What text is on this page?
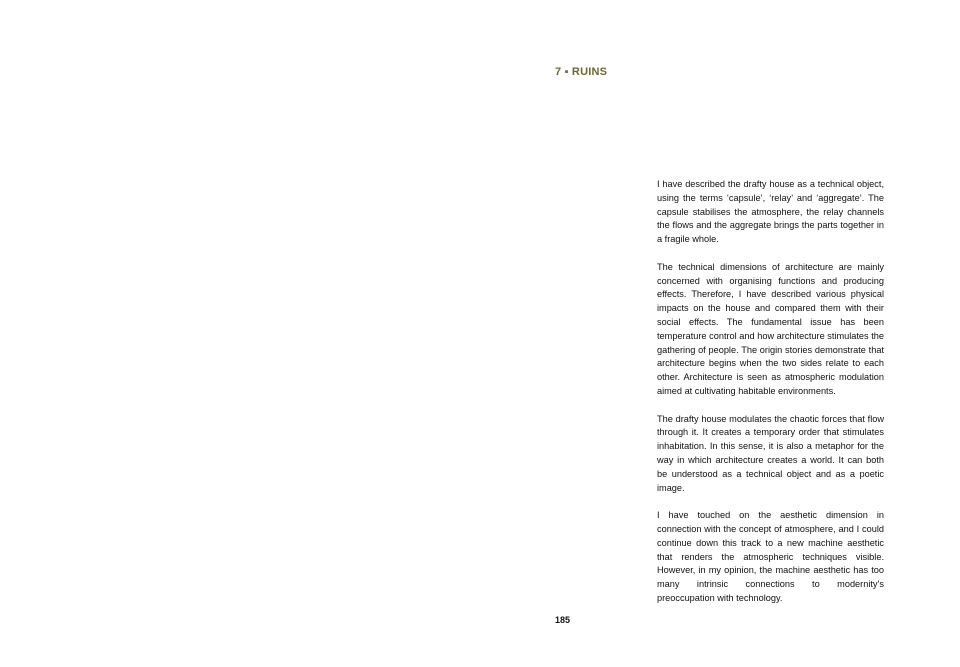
7 ▪ RUINS

I have described the drafty house as a technical object, using the terms ‘capsule’, ‘relay’ and ‘aggregate’. The capsule stabilises the atmosphere, the relay channels the flows and the aggregate brings the parts together in a fragile whole.

The technical dimensions of architecture are mainly concerned with organising functions and producing effects. Therefore, I have described various physical impacts on the house and compared them with their social effects. The fundamental issue has been temperature control and how architecture stimulates the gathering of people. The origin stories demonstrate that architecture begins when the two sides relate to each other. Architecture is seen as atmospheric modulation aimed at cultivating habitable environments.

The drafty house modulates the chaotic forces that flow through it. It creates a temporary order that stimulates inhabitation. In this sense, it is also a metaphor for the way in which architecture creates a world. It can both be understood as a technical object and as a poetic image.

I have touched on the aesthetic dimension in connection with the concept of atmosphere, and I could continue down this track to a new machine aesthetic that renders the atmospheric techniques visible. However, in my opinion, the machine aesthetic has too many intrinsic connections to modernity’s preoccupation with technology.

185
